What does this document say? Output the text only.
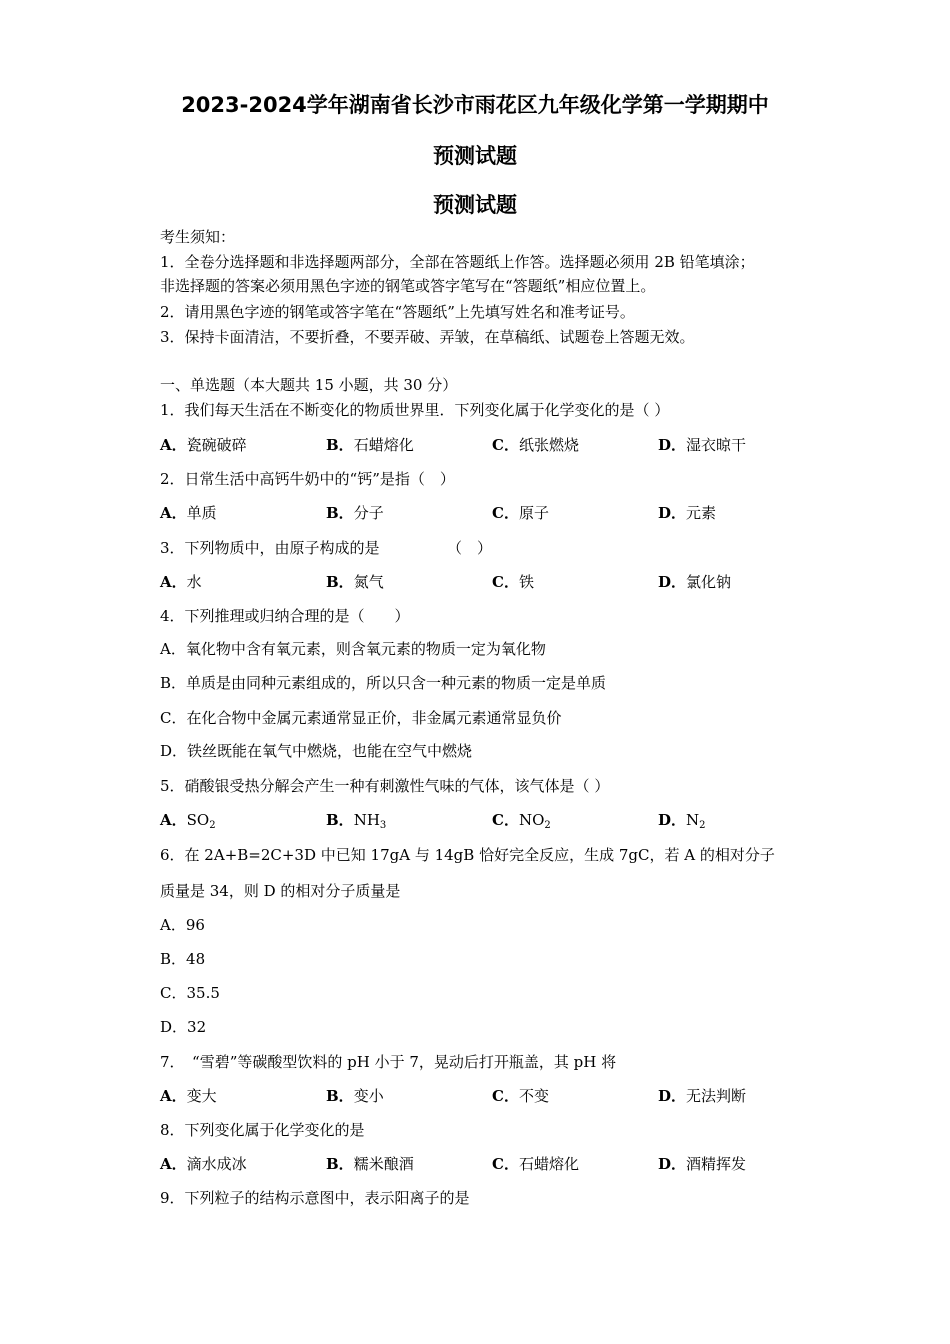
2023-2024学年湖南省长沙市雨花区九年级化学第一学期期中
预测试题
预测试题
考生须知：
1．全卷分选择题和非选择题两部分，全部在答题纸上作答。选择题必须用 2B 铅笔填涂；
非选择题的答案必须用黑色字迹的钢笔或答字笔写在“答题纸”相应位置上。
2．请用黑色字迹的钢笔或答字笔在“答题纸”上先填写姓名和准考证号。
3．保持卡面清洁，不要折叠，不要弄破、弄皱，在草稿纸、试题卷上答题无效。
一、单选题（本大题共 15 小题，共 30 分）
1．我们每天生活在不断变化的物质世界里．下列变化属于化学变化的是（ ）
A．瓷碗破碎	B．石蜡熔化	C．纸张燃烧	D．湿衣晾干
2．日常生活中高钙牛奶中的“钙”是指（　）
A．单质	B．分子	C．原子	D．元素
3．下列物质中，由原子构成的是　　　　　（　）
A．水	B．氮气	C．铁	D．氯化钠
4．下列推理或归纳合理的是（　　）
A．氧化物中含有氧元素，则含氧元素的物质一定为氧化物
B．单质是由同种元素组成的，所以只含一种元素的物质一定是单质
C．在化合物中金属元素通常显正价，非金属元素通常显负价
D．铁丝既能在氧气中燃烧，也能在空气中燃烧
5．硝酸银受热分解会产生一种有刺激性气味的气体，该气体是（ ）
A．$SO_2$	B．$NH_3$	C．$NO_2$	D．$N_2$
6．在 2A+B=2C+3D 中已知 17gA 与 14gB 恰好完全反应，生成 7gC，若 A 的相对分子
质量是 34，则 D 的相对分子质量是
A．96
B．48
C．35.5
D．32
7．　“雪碧”等碳酸型饮料的 pH 小于 7，晃动后打开瓶盖，其 pH 将
A．变大	B．变小	C．不变	D．无法判断
8．下列变化属于化学变化的是
A．滴水成冰	B．糯米酿酒	C．石蜡熔化	D．酒精挥发
9．下列粒子的结构示意图中，表示阳离子的是
